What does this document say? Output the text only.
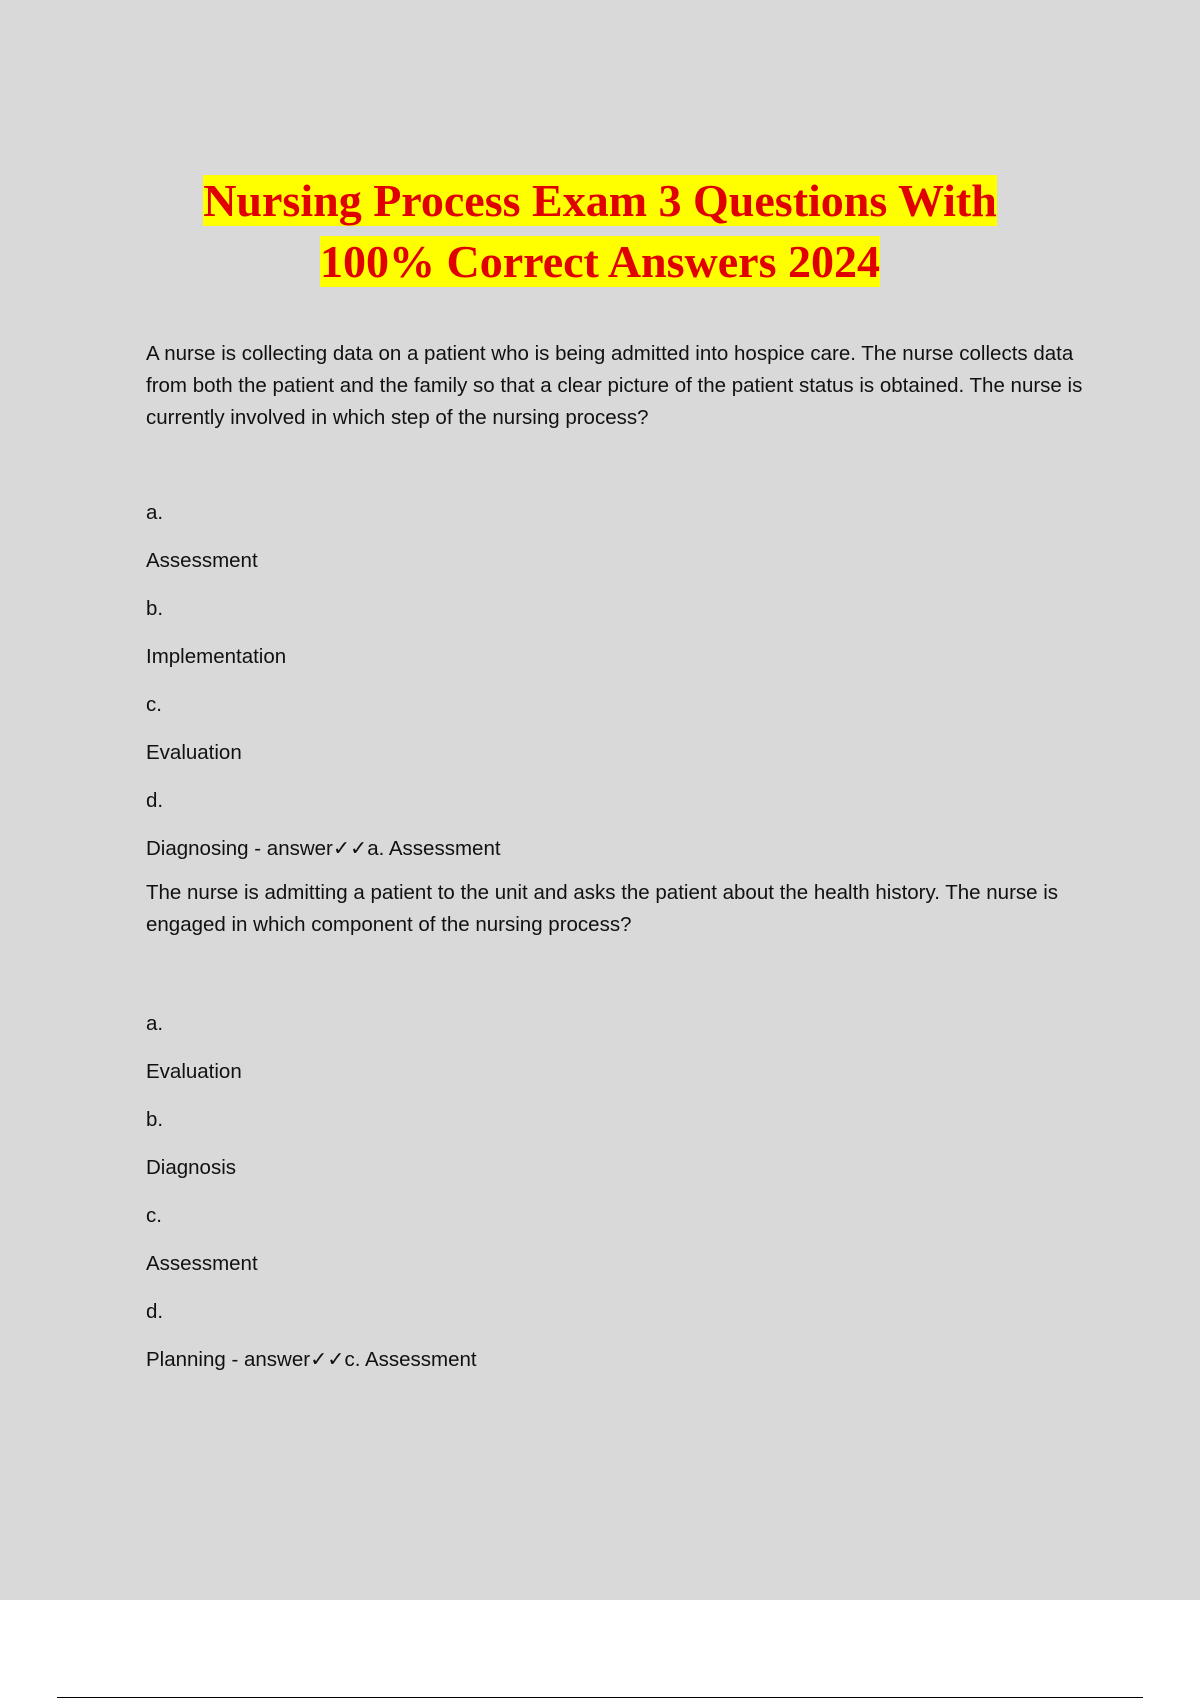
Nursing Process Exam 3 Questions With
100% Correct Answers 2024

A nurse is collecting data on a patient who is being admitted into hospice care. The nurse collects data from both the patient and the family so that a clear picture of the patient status is obtained. The nurse is currently involved in which step of the nursing process?

a.

Assessment

b.

Implementation

c.

Evaluation

d.

Diagnosing - answer✓✓a. Assessment

The nurse is admitting a patient to the unit and asks the patient about the health history. The nurse is engaged in which component of the nursing process?

a.

Evaluation

b.

Diagnosis

c.

Assessment

d.

Planning - answer✓✓c. Assessment
